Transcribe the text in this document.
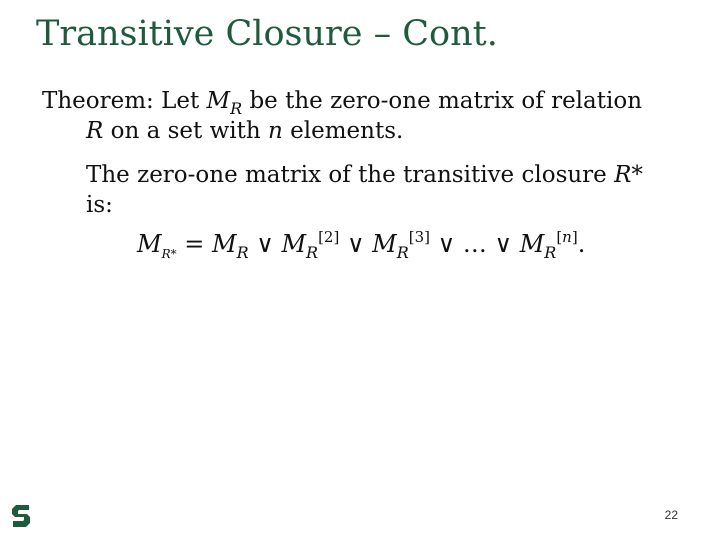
Transitive Closure – Cont.
Theorem: Let $M_R$ be the zero-one matrix of relation
R on a set with n elements.
The zero-one matrix of the transitive closure R*
is:
$M_{R*} = M_R$ ∨ $M_R[2]$ ∨ $M_R[3]$ ∨ … ∨ $M_R[n]$.
22
